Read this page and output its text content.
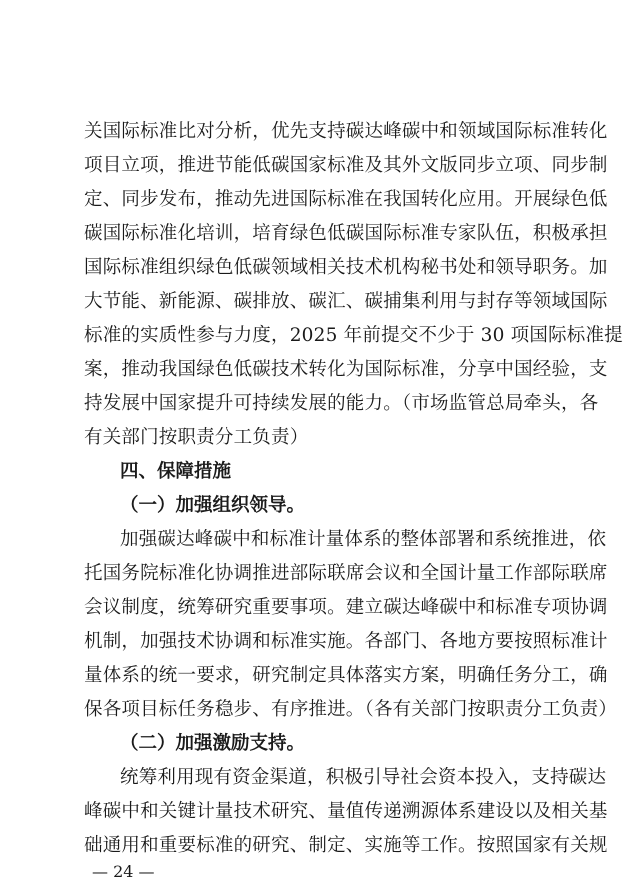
关国际标准比对分析，优先支持碳达峰碳中和领域国际标准转化
项目立项，推进节能低碳国家标准及其外文版同步立项、同步制
定、同步发布，推动先进国际标准在我国转化应用。开展绿色低
碳国际标准化培训，培育绿色低碳国际标准专家队伍，积极承担
国际标准组织绿色低碳领域相关技术机构秘书处和领导职务。加
大节能、新能源、碳排放、碳汇、碳捕集利用与封存等领域国际
标准的实质性参与力度，2025 年前提交不少于 30 项国际标准提
案，推动我国绿色低碳技术转化为国际标准，分享中国经验，支
持发展中国家提升可持续发展的能力。（市场监管总局牵头，各
有关部门按职责分工负责）
四、保障措施
（一）加强组织领导。
加强碳达峰碳中和标准计量体系的整体部署和系统推进，依
托国务院标准化协调推进部际联席会议和全国计量工作部际联席
会议制度，统筹研究重要事项。建立碳达峰碳中和标准专项协调
机制，加强技术协调和标准实施。各部门、各地方要按照标准计
量体系的统一要求，研究制定具体落实方案，明确任务分工，确
保各项目标任务稳步、有序推进。（各有关部门按职责分工负责）
（二）加强激励支持。
统筹利用现有资金渠道，积极引导社会资本投入，支持碳达
峰碳中和关键计量技术研究、量值传递溯源体系建设以及相关基
础通用和重要标准的研究、制定、实施等工作。按照国家有关规
— 24 —
